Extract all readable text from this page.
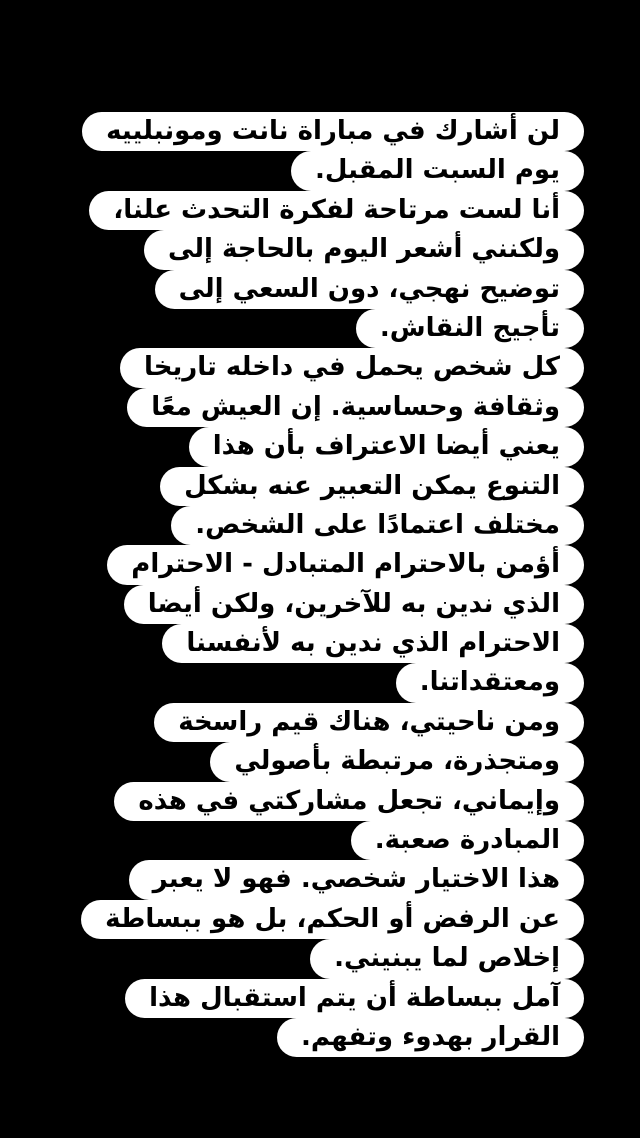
لن أشارك في مباراة نانت ومونبلييه

يوم السبت المقبل.

أنا لست مرتاحة لفكرة التحدث علنا،

ولكنني أشعر اليوم بالحاجة إلى

توضيح نهجي، دون السعي إلى

تأجيج النقاش.

كل شخص يحمل في داخله تاريخا

وثقافة وحساسية. إن العيش معًا

يعني أيضا الاعتراف بأن هذا

التنوع يمكن التعبير عنه بشكل

مختلف اعتمادًا على الشخص.

أؤمن بالاحترام المتبادل - الاحترام

الذي ندين به للآخرين، ولكن أيضا

الاحترام الذي ندين به لأنفسنا

ومعتقداتنا.

ومن ناحيتي، هناك قيم راسخة

ومتجذرة، مرتبطة بأصولي

وإيماني، تجعل مشاركتي في هذه

المبادرة صعبة.

هذا الاختيار شخصي. فهو لا يعبر

عن الرفض أو الحكم، بل هو ببساطة

إخلاص لما يبنيني.

آمل ببساطة أن يتم استقبال هذا

القرار بهدوء وتفهم.
